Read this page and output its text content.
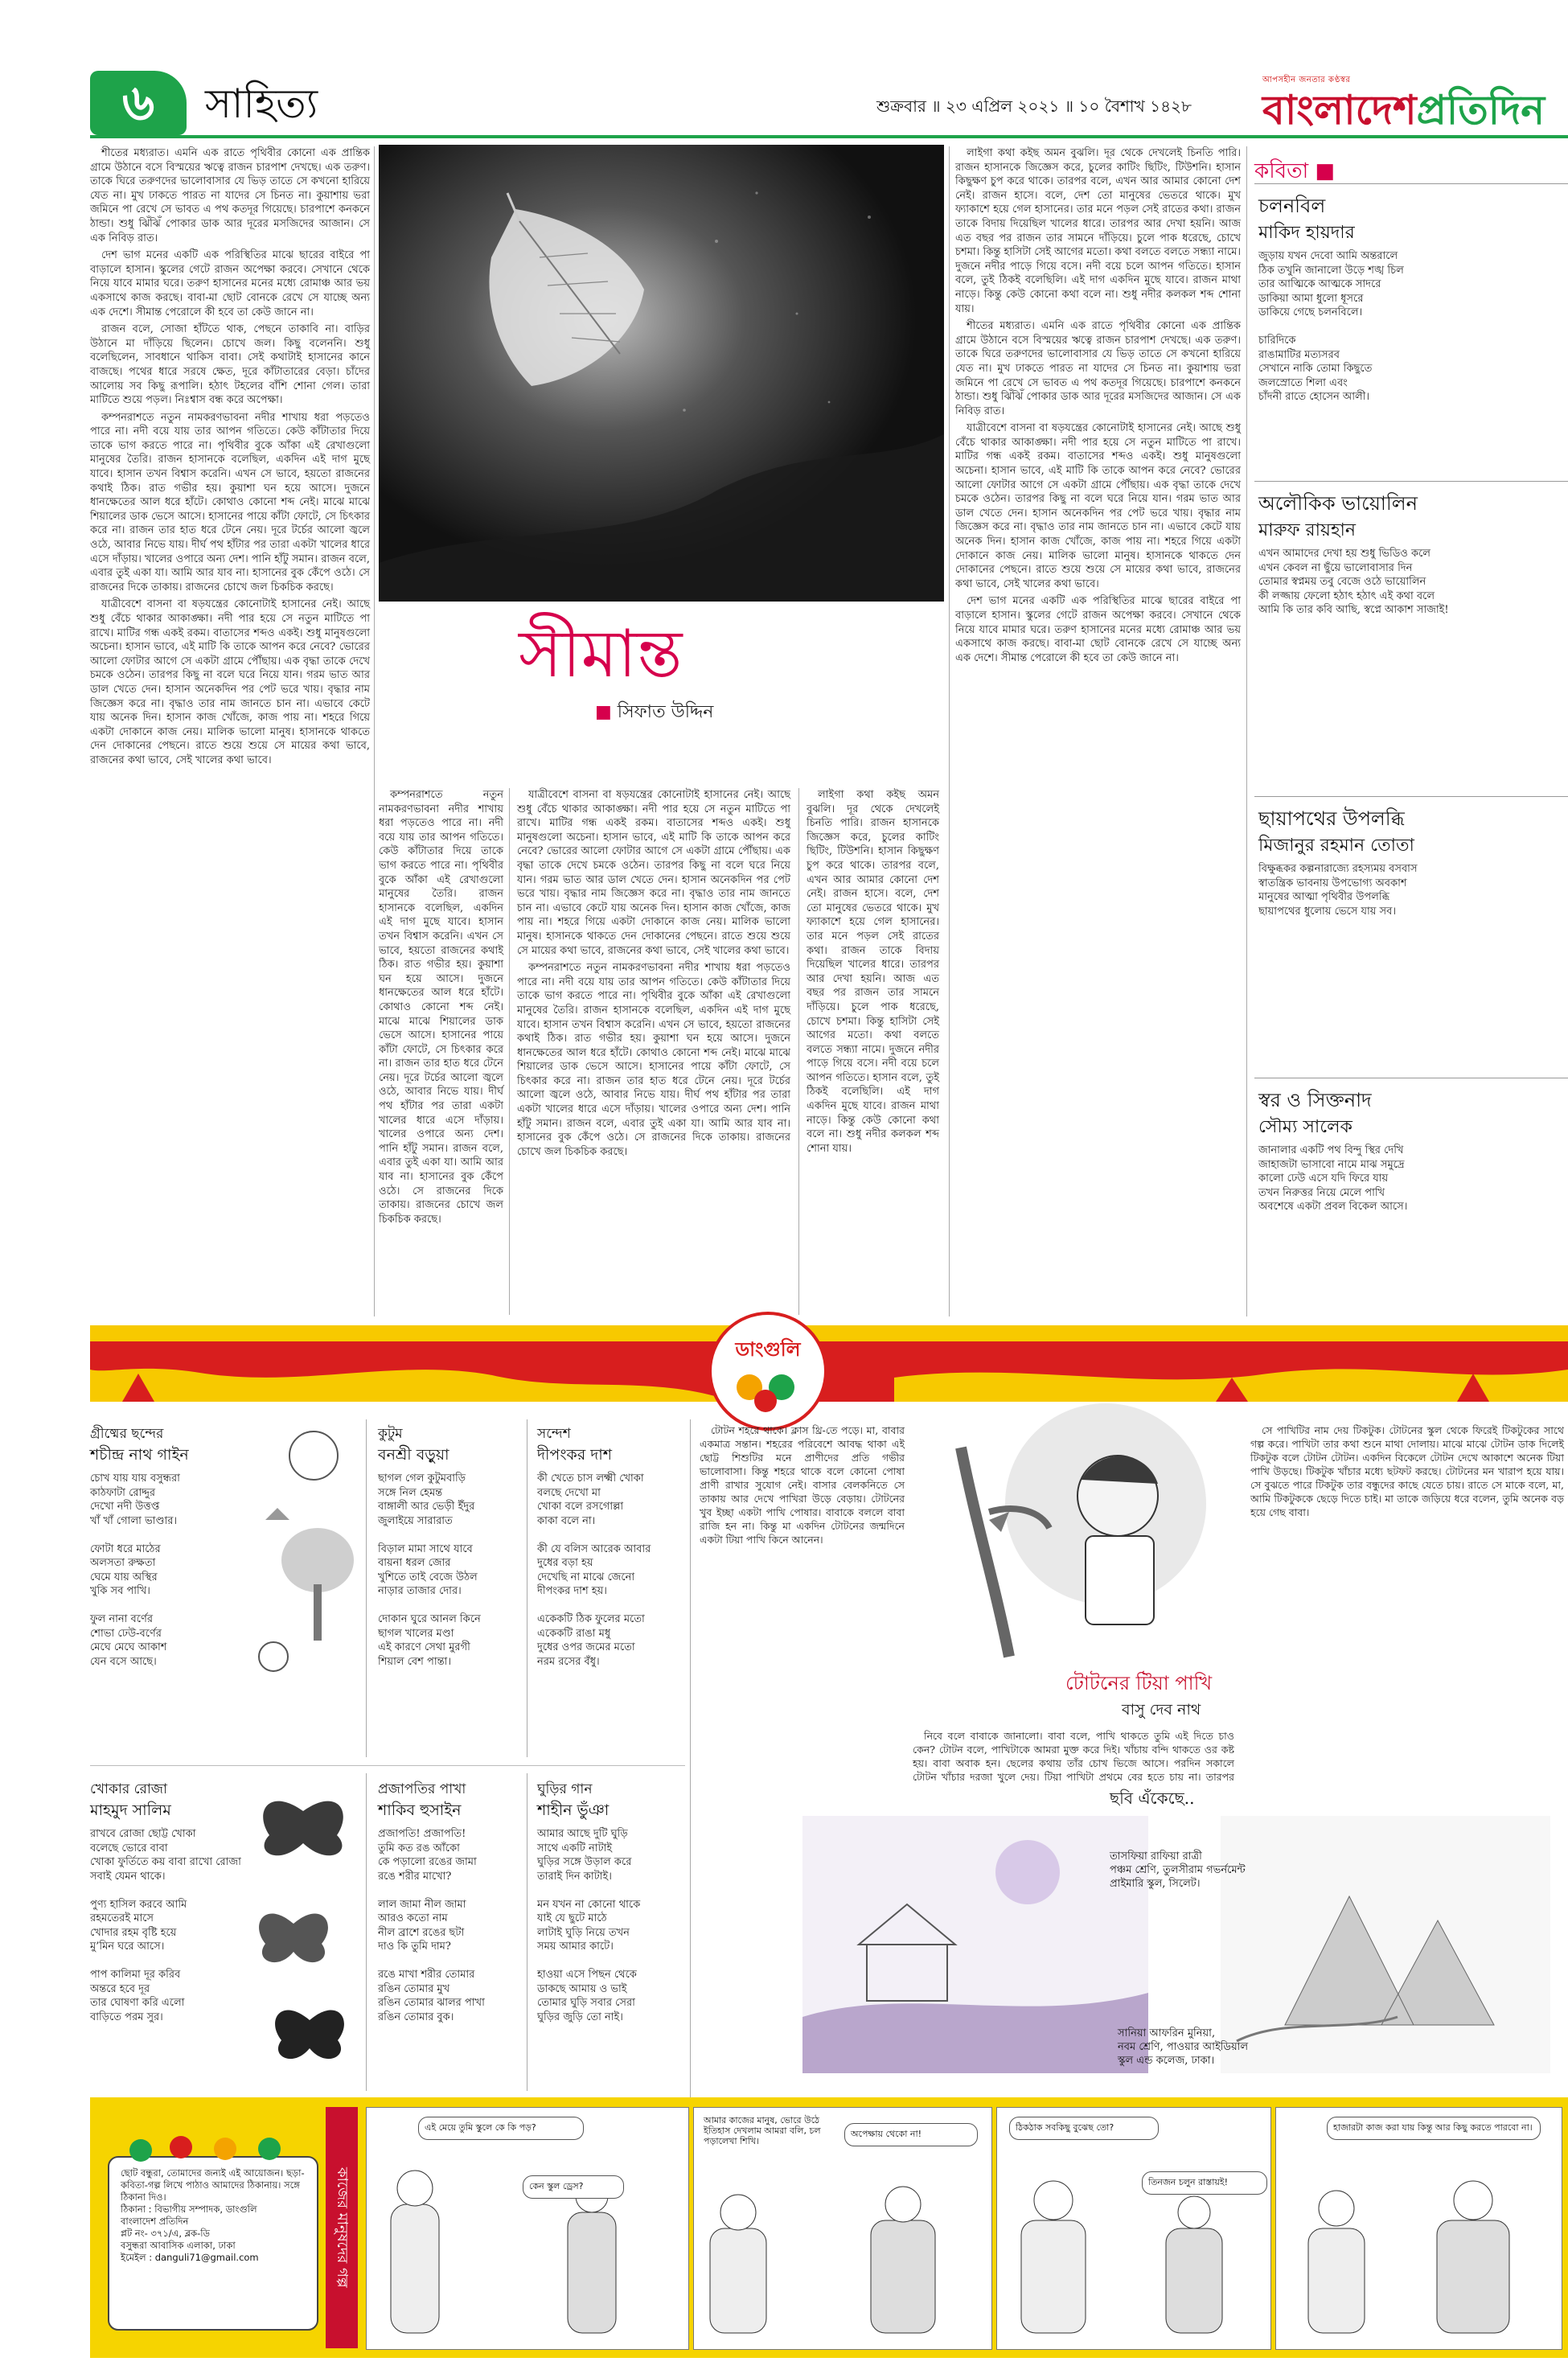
৬	সাহিত্য	শুক্রবার ॥ ২৩ এপ্রিল ২০২১ ॥ ১০ বৈশাখ ১৪২৮
আপসহীন জনতার কণ্ঠস্বর
বাংলাদেশপ্রতিদিন

শীতের মধ্যরাত। এমনি এক রাতে পৃথিবীর কোনো এক প্রান্তিক গ্রামে উঠানে বসে বিস্ময়ের ঋত্বে রাজন চারপাশ দেখছে। এক তরুণ। তাকে ঘিরে তরুণদের ভালোবাসার যে ভিড় তাতে সে কখনো হারিয়ে যেত না। মুখ ঢাকতে পারত না যাদের সে চিনত না। কুয়াশায় ভরা জমিনে পা রেখে সে ভাবত এ পথ কতদূর গিয়েছে। চারপাশে কনকনে ঠান্ডা। শুধু ঝিঁঝিঁ পোকার ডাক আর দূরের মসজিদের আজান। সে এক নিবিড় রাত।

দেশ ভাগ মনের একটি এক পরিস্থিতির মাঝে ছারের বাইরে পা বাড়ালে হাসান। স্কুলের গেটে রাজন অপেক্ষা করবে। সেখানে থেকে নিয়ে যাবে মামার ঘরে। তরুণ হাসানের মনের মধ্যে রোমাঞ্চ আর ভয় একসাথে কাজ করছে। বাবা-মা ছোট বোনকে রেখে সে যাচ্ছে অন্য এক দেশে। সীমান্ত পেরোলে কী হবে তা কেউ জানে না।

রাজন বলে, সোজা হাঁটতে থাক, পেছনে তাকাবি না। বাড়ির উঠানে মা দাঁড়িয়ে ছিলেন। চোখে জল। কিছু বলেননি। শুধু বলেছিলেন, সাবধানে থাকিস বাবা। সেই কথাটাই হাসানের কানে বাজছে। পথের ধারে সরষে ক্ষেত, দূরে কাঁটাতারের বেড়া। চাঁদের আলোয় সব কিছু রূপালি। হঠাৎ টহলের বাঁশি শোনা গেল। তারা মাটিতে শুয়ে পড়ল। নিঃশ্বাস বন্ধ করে অপেক্ষা।

কম্পনরাশতে নতুন নামকরণভাবনা নদীর শাখায় ধরা পড়তেও পারে না। নদী বয়ে যায় তার আপন গতিতে। কেউ কাঁটাতার দিয়ে তাকে ভাগ করতে পারে না। পৃথিবীর বুকে আঁকা এই রেখাগুলো মানুষের তৈরি। রাজন হাসানকে বলেছিল, একদিন এই দাগ মুছে যাবে। হাসান তখন বিশ্বাস করেনি। এখন সে ভাবে, হয়তো রাজনের কথাই ঠিক। রাত গভীর হয়। কুয়াশা ঘন হয়ে আসে। দুজনে ধানক্ষেতের আল ধরে হাঁটে। কোথাও কোনো শব্দ নেই। মাঝে মাঝে শিয়ালের ডাক ভেসে আসে। হাসানের পায়ে কাঁটা ফোটে, সে চিৎকার করে না। রাজন তার হাত ধরে টেনে নেয়। দূরে টর্চের আলো জ্বলে ওঠে, আবার নিভে যায়। দীর্ঘ পথ হাঁটার পর তারা একটা খালের ধারে এসে দাঁড়ায়। খালের ওপারে অন্য দেশ। পানি হাঁটু সমান। রাজন বলে, এবার তুই একা যা। আমি আর যাব না। হাসানের বুক কেঁপে ওঠে। সে রাজনের দিকে তাকায়। রাজনের চোখে জল চিকচিক করছে।

যাত্রীবেশে বাসনা বা ষড়যন্ত্রের কোনোটাই হাসানের নেই। আছে শুধু বেঁচে থাকার আকাঙ্ক্ষা। নদী পার হয়ে সে নতুন মাটিতে পা রাখে। মাটির গন্ধ একই রকম। বাতাসের শব্দও একই। শুধু মানুষগুলো অচেনা। হাসান ভাবে, এই মাটি কি তাকে আপন করে নেবে? ভোরের আলো ফোটার আগে সে একটা গ্রামে পৌঁছায়। এক বৃদ্ধা তাকে দেখে চমকে ওঠেন। তারপর কিছু না বলে ঘরে নিয়ে যান। গরম ভাত আর ডাল খেতে দেন। হাসান অনেকদিন পর পেট ভরে খায়। বৃদ্ধার নাম জিজ্ঞেস করে না। বৃদ্ধাও তার নাম জানতে চান না। এভাবে কেটে যায় অনেক দিন। হাসান কাজ খোঁজে, কাজ পায় না। শহরে গিয়ে একটা দোকানে কাজ নেয়। মালিক ভালো মানুষ। হাসানকে থাকতে দেন দোকানের পেছনে। রাতে শুয়ে শুয়ে সে মায়ের কথা ভাবে, রাজনের কথা ভাবে, সেই খালের কথা ভাবে।

সীমান্ত
■ সিফাত উদ্দিন

কম্পনরাশতে নতুন নামকরণভাবনা নদীর শাখায় ধরা পড়তেও পারে না। নদী বয়ে যায় তার আপন গতিতে। কেউ কাঁটাতার দিয়ে তাকে ভাগ করতে পারে না। পৃথিবীর বুকে আঁকা এই রেখাগুলো মানুষের তৈরি। রাজন হাসানকে বলেছিল, একদিন এই দাগ মুছে যাবে। হাসান তখন বিশ্বাস করেনি। এখন সে ভাবে, হয়তো রাজনের কথাই ঠিক। রাত গভীর হয়। কুয়াশা ঘন হয়ে আসে। দুজনে ধানক্ষেতের আল ধরে হাঁটে। কোথাও কোনো শব্দ নেই। মাঝে মাঝে শিয়ালের ডাক ভেসে আসে। হাসানের পায়ে কাঁটা ফোটে, সে চিৎকার করে না। রাজন তার হাত ধরে টেনে নেয়। দূরে টর্চের আলো জ্বলে ওঠে, আবার নিভে যায়। দীর্ঘ পথ হাঁটার পর তারা একটা খালের ধারে এসে দাঁড়ায়। খালের ওপারে অন্য দেশ। পানি হাঁটু সমান। রাজন বলে, এবার তুই একা যা। আমি আর যাব না। হাসানের বুক কেঁপে ওঠে। সে রাজনের দিকে তাকায়। রাজনের চোখে জল চিকচিক করছে।

যাত্রীবেশে বাসনা বা ষড়যন্ত্রের কোনোটাই হাসানের নেই। আছে শুধু বেঁচে থাকার আকাঙ্ক্ষা। নদী পার হয়ে সে নতুন মাটিতে পা রাখে। মাটির গন্ধ একই রকম। বাতাসের শব্দও একই। শুধু মানুষগুলো অচেনা। হাসান ভাবে, এই মাটি কি তাকে আপন করে নেবে? ভোরের আলো ফোটার আগে সে একটা গ্রামে পৌঁছায়। এক বৃদ্ধা তাকে দেখে চমকে ওঠেন। তারপর কিছু না বলে ঘরে নিয়ে যান। গরম ভাত আর ডাল খেতে দেন। হাসান অনেকদিন পর পেট ভরে খায়। বৃদ্ধার নাম জিজ্ঞেস করে না। বৃদ্ধাও তার নাম জানতে চান না। এভাবে কেটে যায় অনেক দিন। হাসান কাজ খোঁজে, কাজ পায় না। শহরে গিয়ে একটা দোকানে কাজ নেয়। মালিক ভালো মানুষ। হাসানকে থাকতে দেন দোকানের পেছনে। রাতে শুয়ে শুয়ে সে মায়ের কথা ভাবে, রাজনের কথা ভাবে, সেই খালের কথা ভাবে।

কম্পনরাশতে নতুন নামকরণভাবনা নদীর শাখায় ধরা পড়তেও পারে না। নদী বয়ে যায় তার আপন গতিতে। কেউ কাঁটাতার দিয়ে তাকে ভাগ করতে পারে না। পৃথিবীর বুকে আঁকা এই রেখাগুলো মানুষের তৈরি। রাজন হাসানকে বলেছিল, একদিন এই দাগ মুছে যাবে। হাসান তখন বিশ্বাস করেনি। এখন সে ভাবে, হয়তো রাজনের কথাই ঠিক। রাত গভীর হয়। কুয়াশা ঘন হয়ে আসে। দুজনে ধানক্ষেতের আল ধরে হাঁটে। কোথাও কোনো শব্দ নেই। মাঝে মাঝে শিয়ালের ডাক ভেসে আসে। হাসানের পায়ে কাঁটা ফোটে, সে চিৎকার করে না। রাজন তার হাত ধরে টেনে নেয়। দূরে টর্চের আলো জ্বলে ওঠে, আবার নিভে যায়। দীর্ঘ পথ হাঁটার পর তারা একটা খালের ধারে এসে দাঁড়ায়। খালের ওপারে অন্য দেশ। পানি হাঁটু সমান। রাজন বলে, এবার তুই একা যা। আমি আর যাব না। হাসানের বুক কেঁপে ওঠে। সে রাজনের দিকে তাকায়। রাজনের চোখে জল চিকচিক করছে।

লাইগা কথা কইছ অমন বুঝলি। দূর থেকে দেখলেই চিনতি পারি। রাজন হাসানকে জিজ্ঞেস করে, চুলের কাটিং ছিটিং, টিউশনি। হাসান কিছুক্ষণ চুপ করে থাকে। তারপর বলে, এখন আর আমার কোনো দেশ নেই। রাজন হাসে। বলে, দেশ তো মানুষের ভেতরে থাকে। মুখ ফ্যাকাশে হয়ে গেল হাসানের। তার মনে পড়ল সেই রাতের কথা। রাজন তাকে বিদায় দিয়েছিল খালের ধারে। তারপর আর দেখা হয়নি। আজ এত বছর পর রাজন তার সামনে দাঁড়িয়ে। চুলে পাক ধরেছে, চোখে চশমা। কিন্তু হাসিটা সেই আগের মতো। কথা বলতে বলতে সন্ধ্যা নামে। দুজনে নদীর পাড়ে গিয়ে বসে। নদী বয়ে চলে আপন গতিতে। হাসান বলে, তুই ঠিকই বলেছিলি। এই দাগ একদিন মুছে যাবে। রাজন মাথা নাড়ে। কিন্তু কেউ কোনো কথা বলে না। শুধু নদীর কলকল শব্দ শোনা যায়।

লাইগা কথা কইছ অমন বুঝলি। দূর থেকে দেখলেই চিনতি পারি। রাজন হাসানকে জিজ্ঞেস করে, চুলের কাটিং ছিটিং, টিউশনি। হাসান কিছুক্ষণ চুপ করে থাকে। তারপর বলে, এখন আর আমার কোনো দেশ নেই। রাজন হাসে। বলে, দেশ তো মানুষের ভেতরে থাকে। মুখ ফ্যাকাশে হয়ে গেল হাসানের। তার মনে পড়ল সেই রাতের কথা। রাজন তাকে বিদায় দিয়েছিল খালের ধারে। তারপর আর দেখা হয়নি। আজ এত বছর পর রাজন তার সামনে দাঁড়িয়ে। চুলে পাক ধরেছে, চোখে চশমা। কিন্তু হাসিটা সেই আগের মতো। কথা বলতে বলতে সন্ধ্যা নামে। দুজনে নদীর পাড়ে গিয়ে বসে। নদী বয়ে চলে আপন গতিতে। হাসান বলে, তুই ঠিকই বলেছিলি। এই দাগ একদিন মুছে যাবে। রাজন মাথা নাড়ে। কিন্তু কেউ কোনো কথা বলে না। শুধু নদীর কলকল শব্দ শোনা যায়।

শীতের মধ্যরাত। এমনি এক রাতে পৃথিবীর কোনো এক প্রান্তিক গ্রামে উঠানে বসে বিস্ময়ের ঋত্বে রাজন চারপাশ দেখছে। এক তরুণ। তাকে ঘিরে তরুণদের ভালোবাসার যে ভিড় তাতে সে কখনো হারিয়ে যেত না। মুখ ঢাকতে পারত না যাদের সে চিনত না। কুয়াশায় ভরা জমিনে পা রেখে সে ভাবত এ পথ কতদূর গিয়েছে। চারপাশে কনকনে ঠান্ডা। শুধু ঝিঁঝিঁ পোকার ডাক আর দূরের মসজিদের আজান। সে এক নিবিড় রাত।

যাত্রীবেশে বাসনা বা ষড়যন্ত্রের কোনোটাই হাসানের নেই। আছে শুধু বেঁচে থাকার আকাঙ্ক্ষা। নদী পার হয়ে সে নতুন মাটিতে পা রাখে। মাটির গন্ধ একই রকম। বাতাসের শব্দও একই। শুধু মানুষগুলো অচেনা। হাসান ভাবে, এই মাটি কি তাকে আপন করে নেবে? ভোরের আলো ফোটার আগে সে একটা গ্রামে পৌঁছায়। এক বৃদ্ধা তাকে দেখে চমকে ওঠেন। তারপর কিছু না বলে ঘরে নিয়ে যান। গরম ভাত আর ডাল খেতে দেন। হাসান অনেকদিন পর পেট ভরে খায়। বৃদ্ধার নাম জিজ্ঞেস করে না। বৃদ্ধাও তার নাম জানতে চান না। এভাবে কেটে যায় অনেক দিন। হাসান কাজ খোঁজে, কাজ পায় না। শহরে গিয়ে একটা দোকানে কাজ নেয়। মালিক ভালো মানুষ। হাসানকে থাকতে দেন দোকানের পেছনে। রাতে শুয়ে শুয়ে সে মায়ের কথা ভাবে, রাজনের কথা ভাবে, সেই খালের কথা ভাবে।

দেশ ভাগ মনের একটি এক পরিস্থিতির মাঝে ছারের বাইরে পা বাড়ালে হাসান। স্কুলের গেটে রাজন অপেক্ষা করবে। সেখানে থেকে নিয়ে যাবে মামার ঘরে। তরুণ হাসানের মনের মধ্যে রোমাঞ্চ আর ভয় একসাথে কাজ করছে। বাবা-মা ছোট বোনকে রেখে সে যাচ্ছে অন্য এক দেশে। সীমান্ত পেরোলে কী হবে তা কেউ জানে না।

কবিতা ■
চলনবিল
মাকিদ হায়দার
জুড়ায় যখন দেবো আমি অন্তরালে
ঠিক তখুনি জানালো উড়ে শঙ্খ চিল
তার আত্মিকে আত্মকে সাদরে
ডাকিয়া আমা ধুলো ধূসরে
ডাকিয়ে গেছে চলনবিলে।

চারিদিকে
রাঙামাটির মত্যসরব
সেখানে নাকি তোমা কিছুতে
জলস্রোতে শিলা এবং
চাঁদনী রাতে হোসেন আলী।
অলৌকিক ভায়োলিন
মারুফ রায়হান
এখন আমাদের দেখা হয় শুধু ভিডিও কলে
এখন কেবল না ছুঁয়ে ভালোবাসার দিন
তোমার স্বপ্নময় তবু বেজে ওঠে ভায়োলিন
কী লজ্জায় ফেলো হঠাৎ হঠাৎ এই কথা বলে
আমি কি তার কবি আছি, স্বপ্নে আকাশ সাজাই!
ছায়াপথের উপলব্ধি
মিজানুর রহমান তোতা
বিক্ষুব্ধকর কল্পনারাজ্যে রহস্যময় বসবাস
স্বাতন্ত্রিক ভাবনায় উপভোগ্য অবকাশ
মানুষের আত্মা পৃথিবীর উপলব্ধি
ছায়াপথের ধুলোয় ভেসে যায় সব।
স্বর ও সিক্তনাদ
সৌম্য সালেক
জানালার একটি পথ বিন্দু স্থির দেখি
জাহাজটা ভাসাবো নামে মাঝ সমুদ্রে
কালো ঢেউ এসে যদি ফিরে যায়
তখন নিরুত্তর নিয়ে মেলে পাখি
অবশেষে একটা প্রবল বিকেল আসে।
ডাংগুলি
গ্রীষ্মের ছন্দের
শচীন্দ্র নাথ গাইন
চোখ যায় যায় বসুন্ধরা
কাঠফাটা রোদ্দুর
দেখো নদী উত্তপ্ত
খাঁ খাঁ গোলা ভাণ্ডার।

ফোটা ধরে মাঠের
অলসতা রুক্ষতা
ঘেমে যায় অস্থির
খুকি সব পাখি।

ফুল নানা বর্ণের
শোভা ঢেউ-বর্ণের
মেঘে মেঘে আকাশ
যেন বসে আছে।
কুটুম
বনশ্রী বড়ুয়া
ছাগল গেল কুটুমবাড়ি
সঙ্গে নিল হেমন্ত
বাঙ্গালী আর ভেড়ী ইঁদুর
জুলাইয়ে সারারাত

বিড়াল মামা সাথে যাবে
বায়না ধরল জোর
খুশিতে তাই বেজে উঠল
নাড়ার তাজার দোর।

দোকান ঘুরে আনল কিনে
ছাগল খালের মণ্ডা
এই কারণে সেথা মুরগী
শিয়াল বেশ পান্তা।
সন্দেশ
দীপংকর দাশ
কী খেতে চাস লক্ষ্মী খোকা
বলছে দেখো মা
খোকা বলে রসগোল্লা
কাকা বলে না।

কী যে বলিস আরেক আবার
দুধের বড়া হয়
দেখেছি না মাঝে জেনো
দীপংকর দাশ হয়।

একেকটি ঠিক ফুলের মতো
একেকটি রাঙা মধু
দুধের ওপর জমের মতো
নরম রসের বঁধু।
খোকার রোজা
মাহমুদ সালিম
রাখবে রোজা ছোট্ট খোকা
বলেছে ভোরে বাবা
খোকা ফুর্তিতে কয় বাবা রাখো রোজা
সবাই যেমন থাকে।

পুণ্য হাসিল করবে আমি
রহমতেরই মাসে
খোদার রহম বৃষ্টি হয়ে
মু’মিন ঘরে আসে।

পাপ কালিমা দূর করিব
অন্তরে হবে দূর
তার ঘোষণা করি এলো
বাড়িতে পরম সুর।
প্রজাপতির পাখা
শাকিব হুসাইন
প্রজাপতি! প্রজাপতি!
তুমি কত রঙ আঁকো
কে পড়ালো রঙের জামা
রঙে শরীর মাখো?

লাল জামা নীল জামা
আরও কতো নাম
নীল ব্রাশে রঙের ছটা
দাও কি তুমি দাম?

রঙে মাখা শরীর তোমার
রঙিন তোমার মুখ
রঙিন তোমার ঝালর পাখা
রঙিন তোমার বুক।
ঘুড়ির গান
শাহীন ভুঁঞা
আমার আছে দুটি ঘুড়ি
সাথে একটি নাটাই
ঘুড়ির সঙ্গে উড়াল করে
তারাই দিন কাটাই।

মন যখন না কোনো থাকে
যাই যে ছুটে মাঠে
লাটাই ঘুড়ি নিয়ে তখন
সময় আমার কাটে।

হাওয়া এসে পিছন থেকে
ডাকছে আমায় ও ভাই
তোমার ঘুড়ি সবার সেরা
ঘুড়ির জুড়ি তো নাই।

টোটন শহরে থাকে। ক্লাস থ্রি-তে পড়ে। মা, বাবার একমাত্র সন্তান। শহরের পরিবেশে আবদ্ধ থাকা এই ছোট্ট শিশুটির মনে প্রাণীদের প্রতি গভীর ভালোবাসা। কিন্তু শহরে থাকে বলে কোনো পোষা প্রাণী রাখার সুযোগ নেই। বাসার বেলকনিতে সে তাকায় আর দেখে পাখিরা উড়ে বেড়ায়। টোটনের খুব ইচ্ছা একটা পাখি পোষার। বাবাকে বললে বাবা রাজি হন না। কিন্তু মা একদিন টোটনের জন্মদিনে একটা টিয়া পাখি কিনে আনেন।

টোটনের টিয়া পাখি
বাসু দেব নাথ

নিবে বলে বাবাকে জানালো। বাবা বলে, পাখি থাকতে তুমি এই দিতে চাও কেন? টোটন বলে, পাখিটাকে আমরা মুক্ত করে দিই। খাঁচায় বন্দি থাকতে ওর কষ্ট হয়। বাবা অবাক হন। ছেলের কথায় তাঁর চোখ ভিজে আসে। পরদিন সকালে টোটন খাঁচার দরজা খুলে দেয়। টিয়া পাখিটা প্রথমে বের হতে চায় না। তারপর

সে পাখিটির নাম দেয় টিকটুক। টোটনের স্কুল থেকে ফিরেই টিকটুকের সাথে গল্প করে। পাখিটা তার কথা শুনে মাথা দোলায়। মাঝে মাঝে টোটন ডাক দিলেই টিকটুক বলে টোটন টোটন। একদিন বিকেলে টোটন দেখে আকাশে অনেক টিয়া পাখি উড়ছে। টিকটুক খাঁচার মধ্যে ছটফট করছে। টোটনের মন খারাপ হয়ে যায়। সে বুঝতে পারে টিকটুক তার বন্ধুদের কাছে যেতে চায়। রাতে সে মাকে বলে, মা, আমি টিকটুককে ছেড়ে দিতে চাই। মা তাকে জড়িয়ে ধরে বলেন, তুমি অনেক বড় হয়ে গেছ বাবা।

ছবি এঁকেছে..
তাসফিয়া রাফিয়া রাত্রী
পঞ্চম শ্রেণি, তুলসীরাম গভর্নমেন্ট
প্রাইমারি স্কুল, সিলেট।
সানিয়া আফরিন মুনিয়া,
নবম শ্রেণি, পাওয়ার আইডিয়াল
স্কুল এন্ড কলেজ, ঢাকা।
ছোট বন্ধুরা, তোমাদের জন্যই এই আয়োজন। ছড়া-কবিতা-গল্প লিখে পাঠাও আমাদের ঠিকানায়। সঙ্গে ঠিকানা দিও।
ঠিকানা : বিভাগীয় সম্পাদক, ডাংগুলি
বাংলাদেশ প্রতিদিন
প্লট নং- ৩৭১/এ, ব্লক-ডি
বসুন্ধরা আবাসিক এলাকা, ঢাকা
ইমেইল : danguli71@gmail.com	কাজের মানুষদের গল্প
এই মেয়ে তুমি স্কুলে কে কি পড়?
কেন স্কুল ড্রেস?
আমার কাজের মানুষ, ভোরে উঠে ইতিহাস দেখলাম আমরা বলি, চল পড়ালেখা শিখি।
অপেক্ষায় থেকো না!
ঠিকঠাক সবকিছু বুঝেছ তো?
তিনজন চলুন রাস্তায়ই!
হাজারটা কাজ করা যায় কিন্তু আর কিছু করতে পারবো না।
